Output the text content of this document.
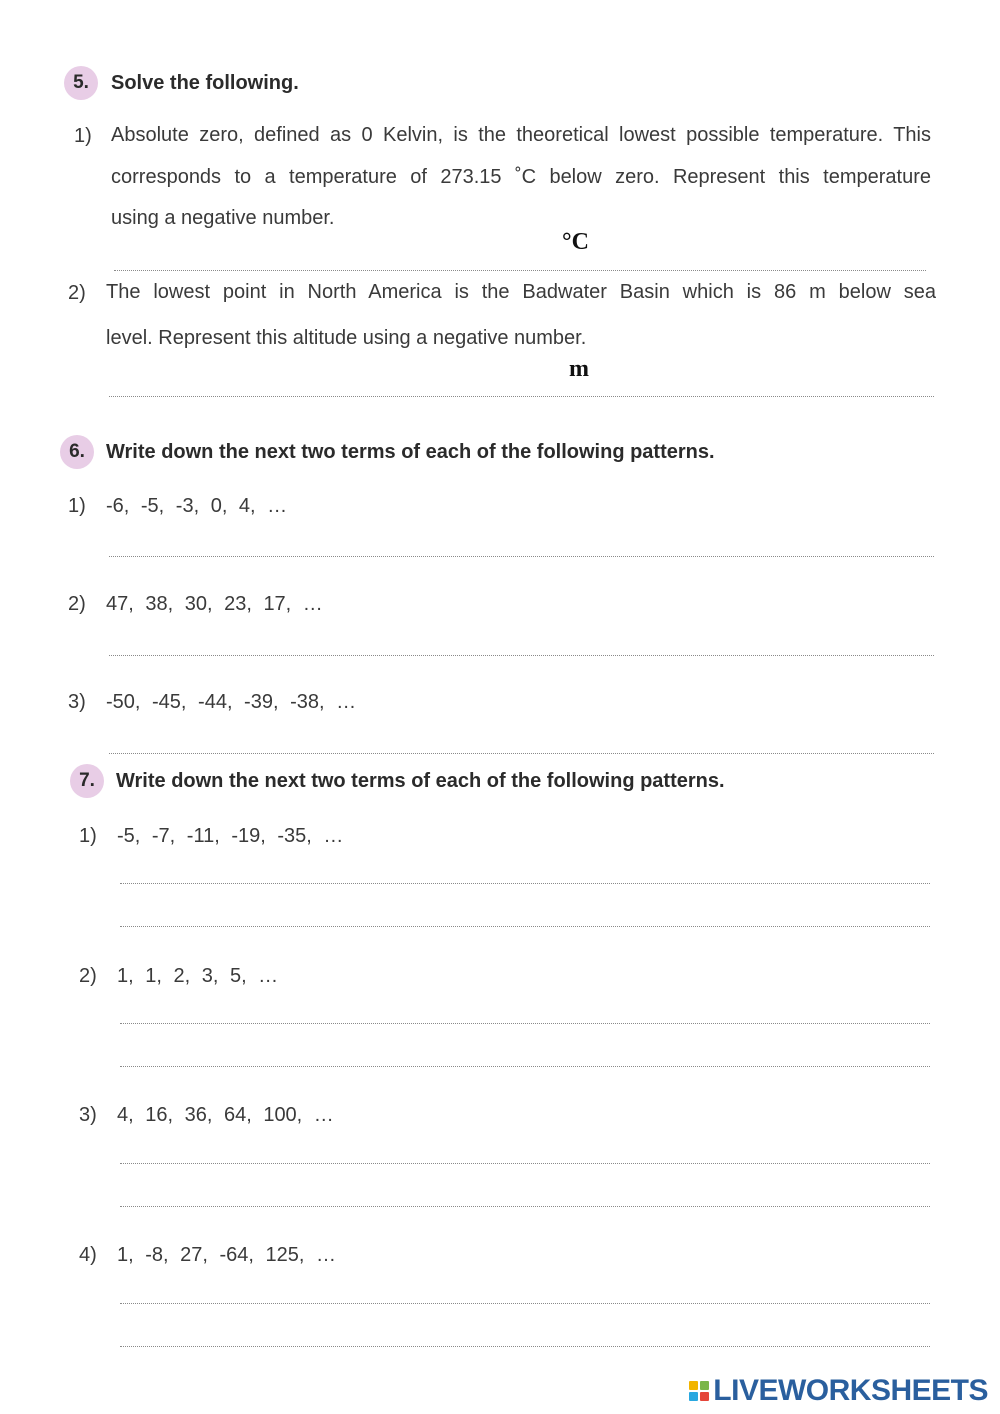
5.	Solve the following.
1) Absolute zero, defined as 0 Kelvin, is the theoretical lowest possible temperature. This
corresponds to a temperature of 273.15 ˚C below zero. Represent this temperature
using a negative number.
°C
2) The lowest point in North America is the Badwater Basin which is 86 m below sea
level. Represent this altitude using a negative number.
m
6.	Write down the next two terms of each of the following patterns.
1) -6, -5, -3, 0, 4, …
2) 47, 38, 30, 23, 17, …
3) -50, -45, -44, -39, -38, …
7.	Write down the next two terms of each of the following patterns.
1) -5, -7, -11, -19, -35, …
2) 1, 1, 2, 3, 5, …
3) 4, 16, 36, 64, 100, …
4) 1, -8, 27, -64, 125, …
LIVEWORKSHEETS
